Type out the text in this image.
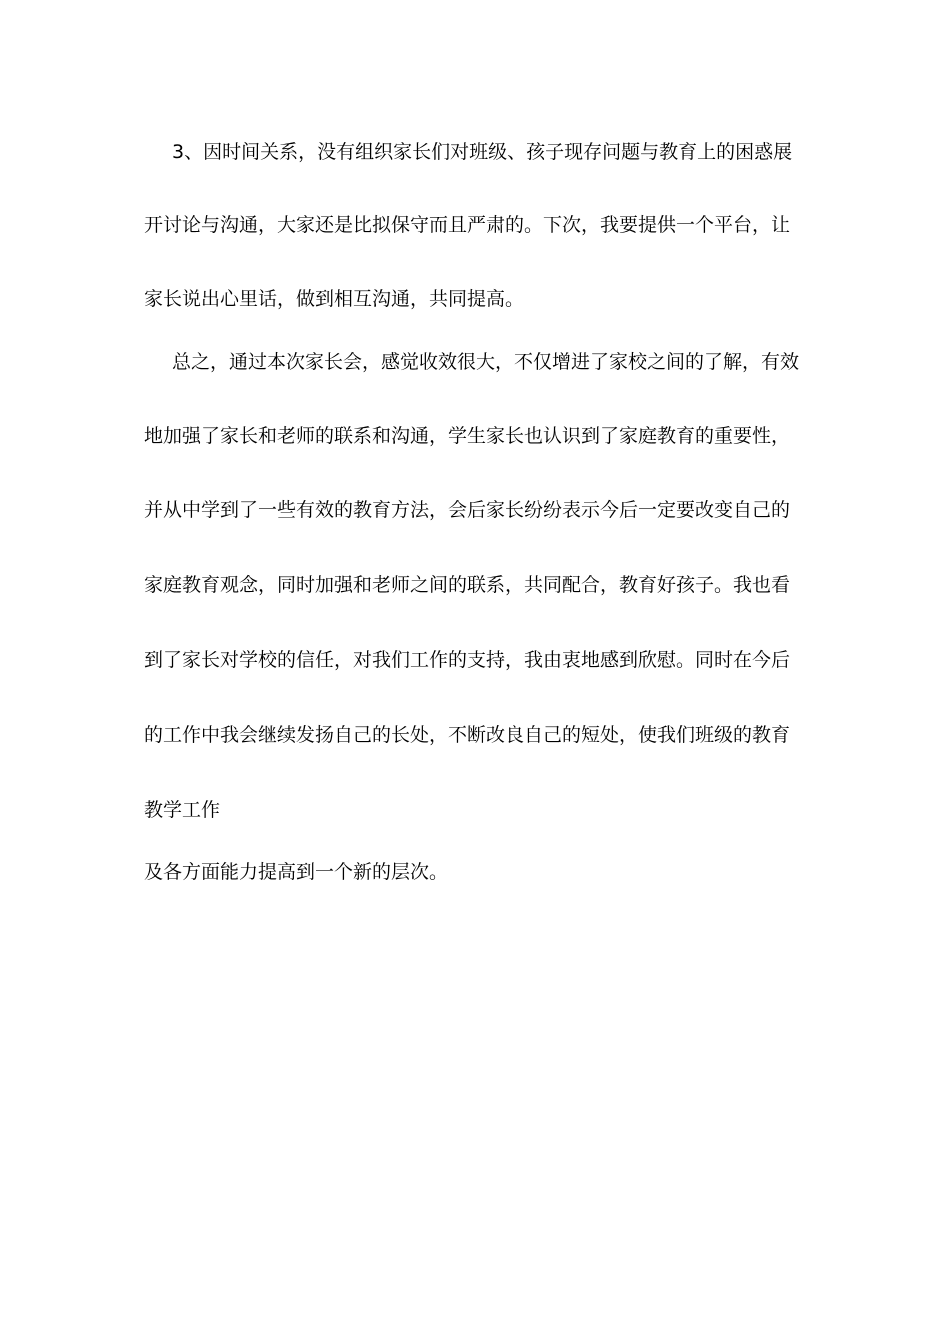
3、因时间关系，没有组织家长们对班级、孩子现存问题与教育上的困惑展
开讨论与沟通，大家还是比拟保守而且严肃的。下次，我要提供一个平台，让
家长说出心里话，做到相互沟通，共同提高。
总之，通过本次家长会，感觉收效很大，不仅增进了家校之间的了解，有效
地加强了家长和老师的联系和沟通，学生家长也认识到了家庭教育的重要性，
并从中学到了一些有效的教育方法，会后家长纷纷表示今后一定要改变自己的
家庭教育观念，同时加强和老师之间的联系，共同配合，教育好孩子。我也看
到了家长对学校的信任，对我们工作的支持，我由衷地感到欣慰。同时在今后
的工作中我会继续发扬自己的长处，不断改良自己的短处，使我们班级的教育
教学工作
及各方面能力提高到一个新的层次。
